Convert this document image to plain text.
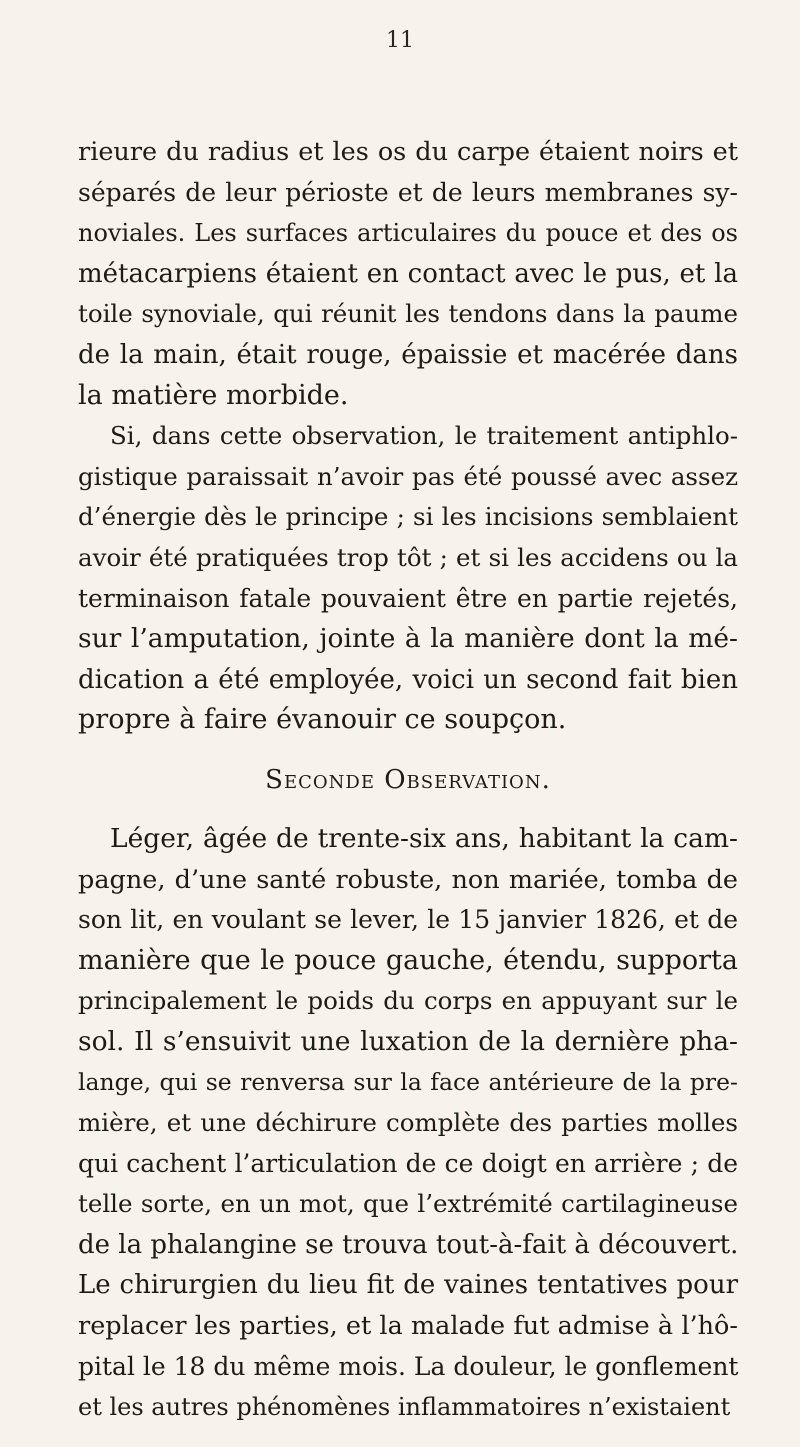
11
rieure du radius et les os du carpe étaient noirs et
séparés de leur périoste et de leurs membranes sy-
noviales. Les surfaces articulaires du pouce et des os
métacarpiens étaient en contact avec le pus, et la
toile synoviale, qui réunit les tendons dans la paume
de la main, était rouge, épaissie et macérée dans
la matière morbide.
Si, dans cette observation, le traitement antiphlo-
gistique paraissait n’avoir pas été poussé avec assez
d’énergie dès le principe ; si les incisions semblaient
avoir été pratiquées trop tôt ; et si les accidens ou la
terminaison fatale pouvaient être en partie rejetés,
sur l’amputation, jointe à la manière dont la mé-
dication a été employée, voici un second fait bien
propre à faire évanouir ce soupçon.
Seconde Observation.
Léger, âgée de trente-six ans, habitant la cam-
pagne, d’une santé robuste, non mariée, tomba de
son lit, en voulant se lever, le 15 janvier 1826, et de
manière que le pouce gauche, étendu, supporta
principalement le poids du corps en appuyant sur le
sol. Il s’ensuivit une luxation de la dernière pha-
lange, qui se renversa sur la face antérieure de la pre-
mière, et une déchirure complète des parties molles
qui cachent l’articulation de ce doigt en arrière ; de
telle sorte, en un mot, que l’extrémité cartilagineuse
de la phalangine se trouva tout-à-fait à découvert.
Le chirurgien du lieu fit de vaines tentatives pour
replacer les parties, et la malade fut admise à l’hô-
pital le 18 du même mois. La douleur, le gonflement
et les autres phénomènes inflammatoires n’existaient
